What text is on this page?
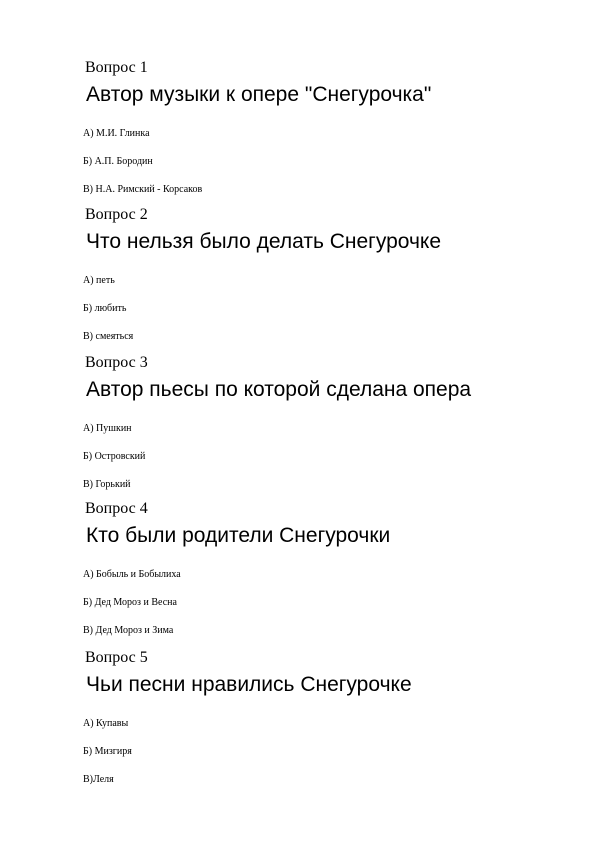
Вопрос 1
Автор музыки к опере "Снегурочка"
А) М.И. Глинка
Б) А.П. Бородин
В) Н.А. Римский - Корсаков
Вопрос 2
Что нельзя было делать Снегурочке
А) петь
Б) любить
В) смеяться
Вопрос 3
Автор пьесы по которой сделана опера
А) Пушкин
Б) Островский
В) Горький
Вопрос 4
Кто были родители Снегурочки
А) Бобыль и Бобылиха
Б) Дед Мороз и Весна
В) Дед Мороз и Зима
Вопрос 5
Чьи песни нравились Снегурочке
А) Купавы
Б) Мизгиря
В)Леля
